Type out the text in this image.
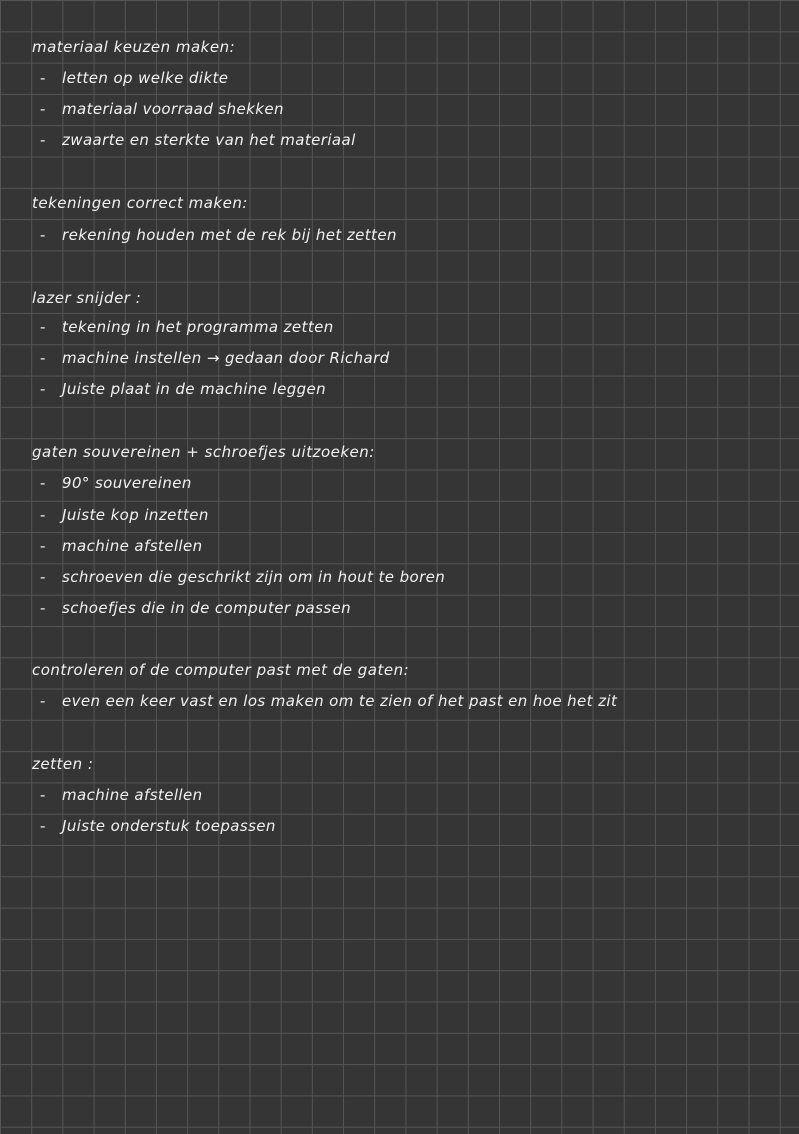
materiaal keuzen maken:
- letten op welke dikte
- materiaal voorraad shekken
- zwaarte en sterkte van het materiaal
tekeningen correct maken:
- rekening houden met de rek bij het zetten
lazer snijder :
- tekening in het programma zetten
- machine instellen → gedaan door Richard
- Juiste plaat in de machine leggen
gaten souvereinen + schroefjes uitzoeken:
- 90° souvereinen
- Juiste kop inzetten
- machine afstellen
- schroeven die geschrikt zijn om in hout te boren
- schoefjes die in de computer passen
controleren of de computer past met de gaten:
- even een keer vast en los maken om te zien of het past en hoe het zit
zetten :
- machine afstellen
- Juiste onderstuk toepassen
